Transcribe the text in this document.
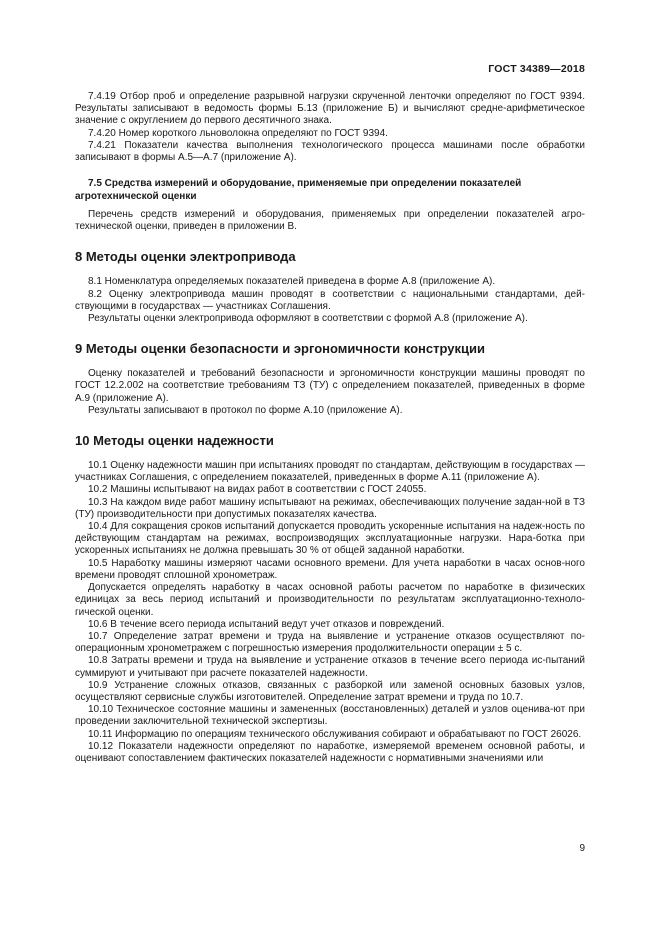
ГОСТ 34389—2018
7.4.19 Отбор проб и определение разрывной нагрузки скрученной ленточки определяют по ГОСТ 9394. Результаты записывают в ведомость формы Б.13 (приложение Б) и вычисляют средне-арифметическое значение с округлением до первого десятичного знака.
7.4.20 Номер короткого льноволокна определяют по ГОСТ 9394.
7.4.21 Показатели качества выполнения технологического процесса машинами после обработки записывают в формы А.5—А.7 (приложение А).
7.5 Средства измерений и оборудование, применяемые при определении показателей агротехнической оценки
Перечень средств измерений и оборудования, применяемых при определении показателей агро-технической оценки, приведен в приложении В.
8 Методы оценки электропривода
8.1 Номенклатура определяемых показателей приведена в форме А.8 (приложение А).
8.2 Оценку электропривода машин проводят в соответствии с национальными стандартами, дей-ствующими в государствах — участниках Соглашения.
Результаты оценки электропривода оформляют в соответствии с формой А.8 (приложение А).
9 Методы оценки безопасности и эргономичности конструкции
Оценку показателей и требований безопасности и эргономичности конструкции машины проводят по ГОСТ 12.2.002 на соответствие требованиям ТЗ (ТУ) с определением показателей, приведенных в форме А.9 (приложение А).
Результаты записывают в протокол по форме А.10 (приложение А).
10 Методы оценки надежности
10.1 Оценку надежности машин при испытаниях проводят по стандартам, действующим в государствах — участниках Соглашения, с определением показателей, приведенных в форме А.11 (приложение А).
10.2 Машины испытывают на видах работ в соответствии с ГОСТ 24055.
10.3 На каждом виде работ машину испытывают на режимах, обеспечивающих получение задан-ной в ТЗ (ТУ) производительности при допустимых показателях качества.
10.4 Для сокращения сроков испытаний допускается проводить ускоренные испытания на надеж-ность по действующим стандартам на режимах, воспроизводящих эксплуатационные нагрузки. Нара-ботка при ускоренных испытаниях не должна превышать 30 % от общей заданной наработки.
10.5 Наработку машины измеряют часами основного времени. Для учета наработки в часах основ-ного времени проводят сплошной хронометраж.
Допускается определять наработку в часах основной работы расчетом по наработке в физических единицах за весь период испытаний и производительности по результатам эксплуатационно-техноло-гической оценки.
10.6 В течение всего периода испытаний ведут учет отказов и повреждений.
10.7 Определение затрат времени и труда на выявление и устранение отказов осуществляют по-операционным хронометражем с погрешностью измерения продолжительности операции ± 5 с.
10.8 Затраты времени и труда на выявление и устранение отказов в течение всего периода ис-пытаний суммируют и учитывают при расчете показателей надежности.
10.9 Устранение сложных отказов, связанных с разборкой или заменой основных базовых узлов, осуществляют сервисные службы изготовителей. Определение затрат времени и труда по 10.7.
10.10 Техническое состояние машины и замененных (восстановленных) деталей и узлов оценива-ют при проведении заключительной технической экспертизы.
10.11 Информацию по операциям технического обслуживания собирают и обрабатывают по ГОСТ 26026.
10.12 Показатели надежности определяют по наработке, измеряемой временем основной работы, и оценивают сопоставлением фактических показателей надежности с нормативными значениями или
9
